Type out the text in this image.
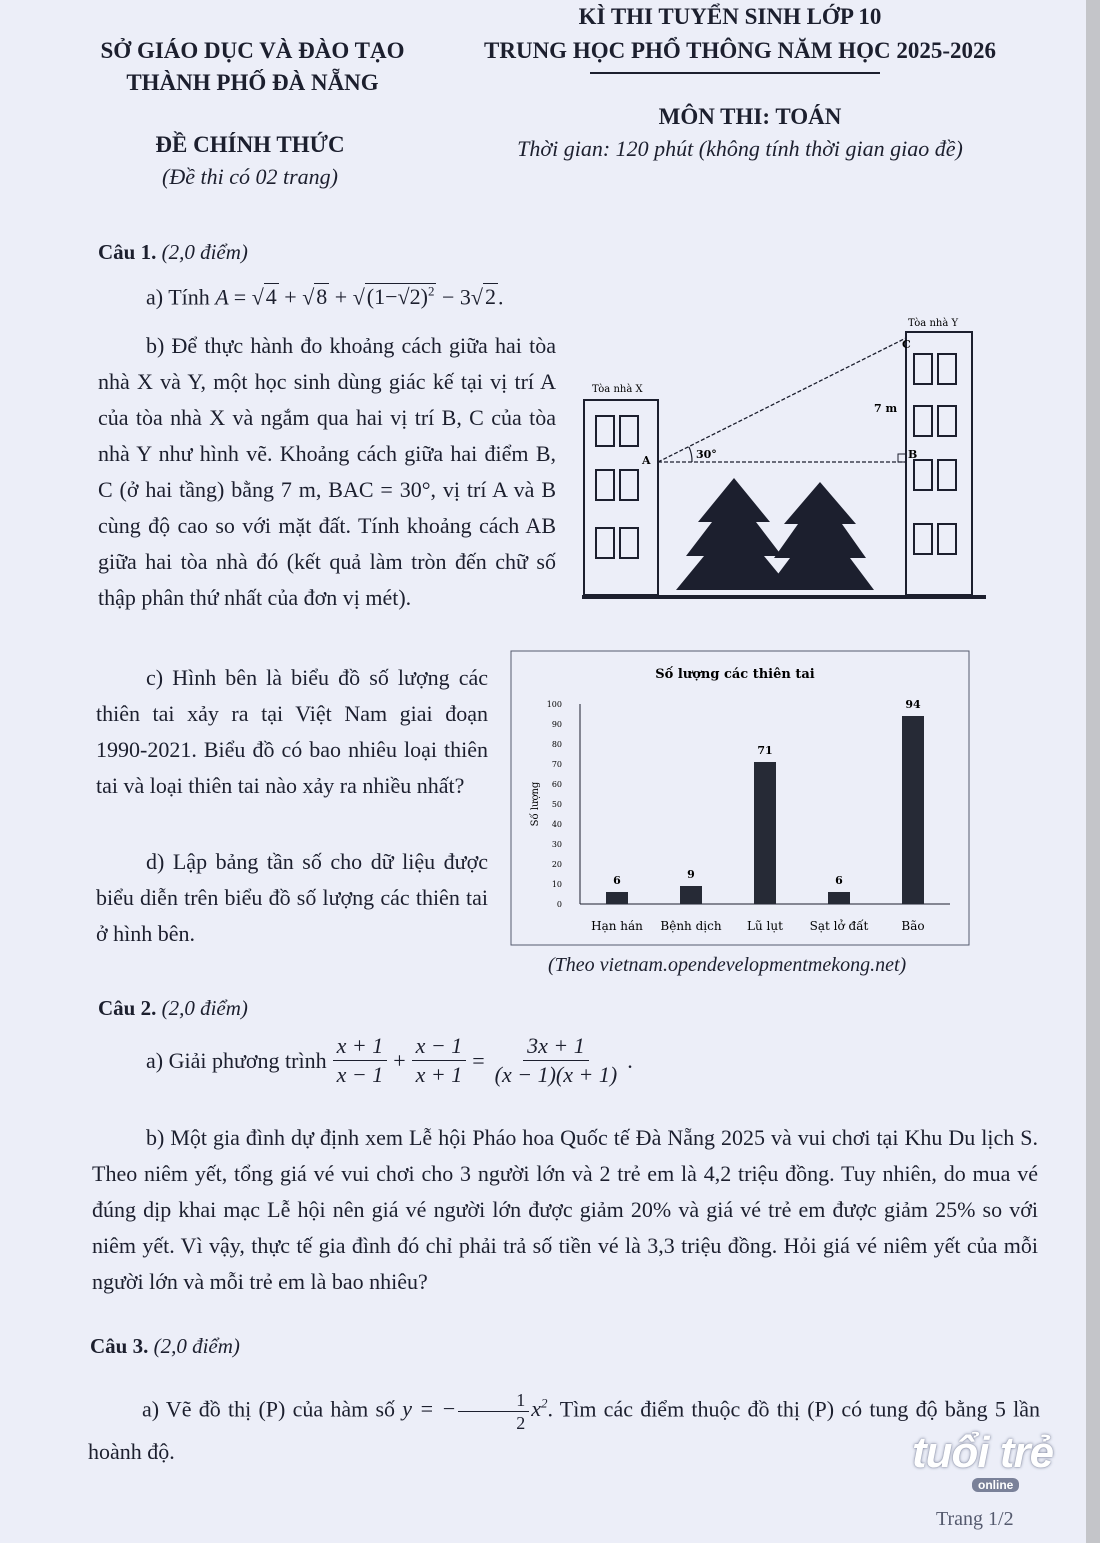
SỞ GIÁO DỤC VÀ ĐÀO TẠO
THÀNH PHỐ ĐÀ NẴNG
KÌ THI TUYỂN SINH LỚP 10
TRUNG HỌC PHỔ THÔNG NĂM HỌC 2025-2026
ĐỀ CHÍNH THỨC
(Đề thi có 02 trang)
MÔN THI: TOÁN
Thời gian: 120 phút (không tính thời gian giao đề)
Câu 1. (2,0 điểm)
a) Tính $A = √4 + √8 + √(1-√2)^2 - 3√2$.
b) Để thực hành đo khoảng cách giữa hai tòa nhà X và Y, một học sinh dùng giác kế tại vị trí A của tòa nhà X và ngắm qua hai vị trí B, C của tòa nhà Y như hình vẽ. Khoảng cách giữa hai điểm B, C (ở hai tầng) bằng 7 m, BAC = 30°, vị trí A và B cùng độ cao so với mặt đất. Tính khoảng cách AB giữa hai tòa nhà đó (kết quả làm tròn đến chữ số thập phân thứ nhất của đơn vị mét).
Tòa nhà X
Tòa nhà Y
30°
A	B
C
7 m
c) Hình bên là biểu đồ số lượng các thiên tai xảy ra tại Việt Nam giai đoạn 1990-2021. Biểu đồ có bao nhiêu loại thiên tai và loại thiên tai nào xảy ra nhiều nhất?
d) Lập bảng tần số cho dữ liệu được biểu diễn trên biểu đồ số lượng các thiên tai ở hình bên.
Số lượng các thiên tai
Số lượng
0
10
20
30
40
50
60
70
80
90
100
6	9
71
6
94
Hạn hán Bệnh dịch Lũ lụt Sạt lở đất	Bão
(Theo vietnam.opendevelopmentmekong.net)
Câu 2. (2,0 điểm)
a) Giải phương trình $\frac{x + 1}{x - 1} + \frac{x - 1}{x + 1} = \frac{3x + 1}{(x - 1)(x + 1)}$ .
b) Một gia đình dự định xem Lễ hội Pháo hoa Quốc tế Đà Nẵng 2025 và vui chơi tại Khu Du lịch S. Theo niêm yết, tổng giá vé vui chơi cho 3 người lớn và 2 trẻ em là 4,2 triệu đồng. Tuy nhiên, do mua vé đúng dịp khai mạc Lễ hội nên giá vé người lớn được giảm 20% và giá vé trẻ em được giảm 25% so với niêm yết. Vì vậy, thực tế gia đình đó chỉ phải trả số tiền vé là 3,3 triệu đồng. Hỏi giá vé niêm yết của mỗi người lớn và mỗi trẻ em là bao nhiêu?
Câu 3. (2,0 điểm)
a) Vẽ đồ thị (P) của hàm số y = − $\frac{1}{2} x^2$. Tìm các điểm thuộc đồ thị (P) có tung độ bằng 5 lần hoành độ.	tuổi trẻ
online
Trang 1/2
